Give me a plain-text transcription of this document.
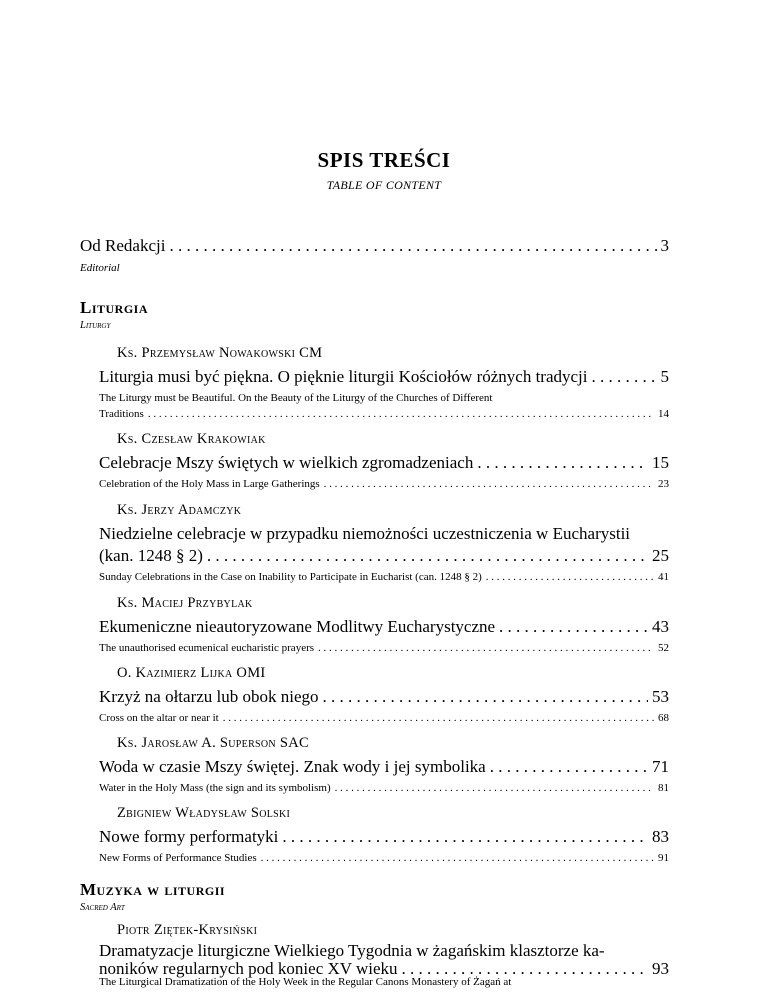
SPIS TREŚCI
TABLE OF CONTENT
Od Redakcji . . .	3
Editorial
Liturgia
Liturgy
Ks. Przemysław Nowakowski CM
Liturgia musi być piękna. O pięknie liturgii Kościołów różnych tradycji . . .	5
The Liturgy must be Beautiful. On the Beauty of the Liturgy of the Churches of Different
Traditions . . .	14
Ks. Czesław Krakowiak
Celebracje Mszy świętych w wielkich zgromadzeniach . . .	15
Celebration of the Holy Mass in Large Gatherings . . .	23
Ks. Jerzy Adamczyk
Niedzielne celebracje w przypadku niemożności uczestniczenia w Eucharystii
(kan. 1248 § 2) . . .	25
Sunday Celebrations in the Case on Inability to Participate in Eucharist (can. 1248 § 2) . . .	41
Ks. Maciej Przybylak
Ekumeniczne nieautoryzowane Modlitwy Eucharystyczne . . .	43
The unauthorised ecumenical eucharistic prayers . . .	52
O. Kazimierz Lijka OMI
Krzyż na ołtarzu lub obok niego . . .	53
Cross on the altar or near it . . .	68
Ks. Jarosław A. Superson SAC
Woda w czasie Mszy świętej. Znak wody i jej symbolika . . .	71
Water in the Holy Mass (the sign and its symbolism) . . .	81
Zbigniew Władysław Solski
Nowe formy performatyki . . .	83
New Forms of Performance Studies . . .	91
Muzyka w liturgii
Sacred Art
Piotr Ziętek-Krysiński
Dramatyzacje liturgiczne Wielkiego Tygodnia w żagańskim klasztorze ka-
noników regularnych pod koniec XV wieku . . .	93
The Liturgical Dramatization of the Holy Week in the Regular Canons Monastery of Żagań at
